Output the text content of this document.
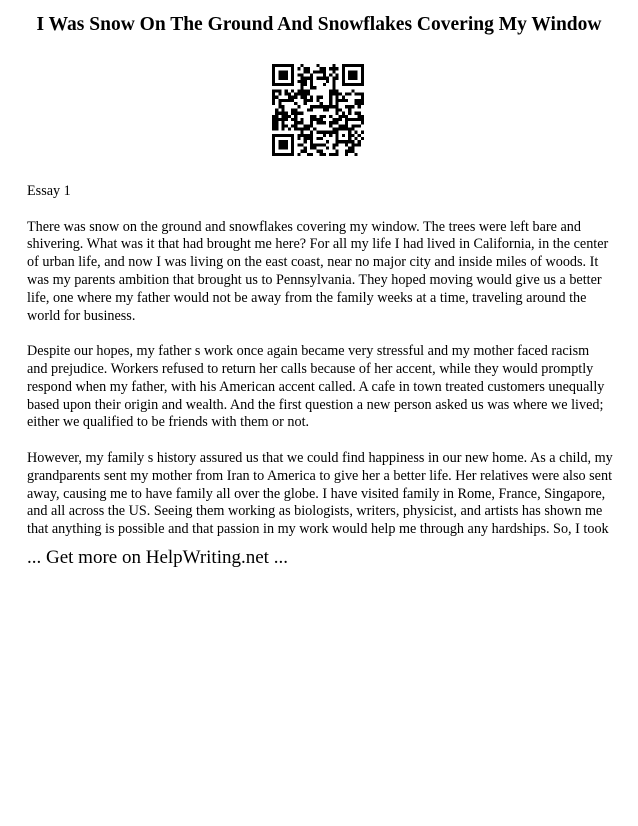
I Was Snow On The Ground And Snowflakes Covering My Window

Essay 1

There was snow on the ground and snowflakes covering my window. The trees were left bare and shivering. What was it that had brought me here? For all my life I had lived in California, in the center of urban life, and now I was living on the east coast, near no major city and inside miles of woods. It was my parents ambition that brought us to Pennsylvania. They hoped moving would give us a better life, one where my father would not be away from the family weeks at a time, traveling around the world for business.

Despite our hopes, my father s work once again became very stressful and my mother faced racism and prejudice. Workers refused to return her calls because of her accent, while they would promptly respond when my father, with his American accent called. A cafe in town treated customers unequally based upon their origin and wealth. And the first question a new person asked us was where we lived; either we qualified to be friends with them or not.

However, my family s history assured us that we could find happiness in our new home. As a child, my grandparents sent my mother from Iran to America to give her a better life. Her relatives were also sent away, causing me to have family all over the globe. I have visited family in Rome, France, Singapore, and all across the US. Seeing them working as biologists, writers, physicist, and artists has shown me that anything is possible and that passion in my work would help me through any hardships. So, I took

... Get more on HelpWriting.net ...
